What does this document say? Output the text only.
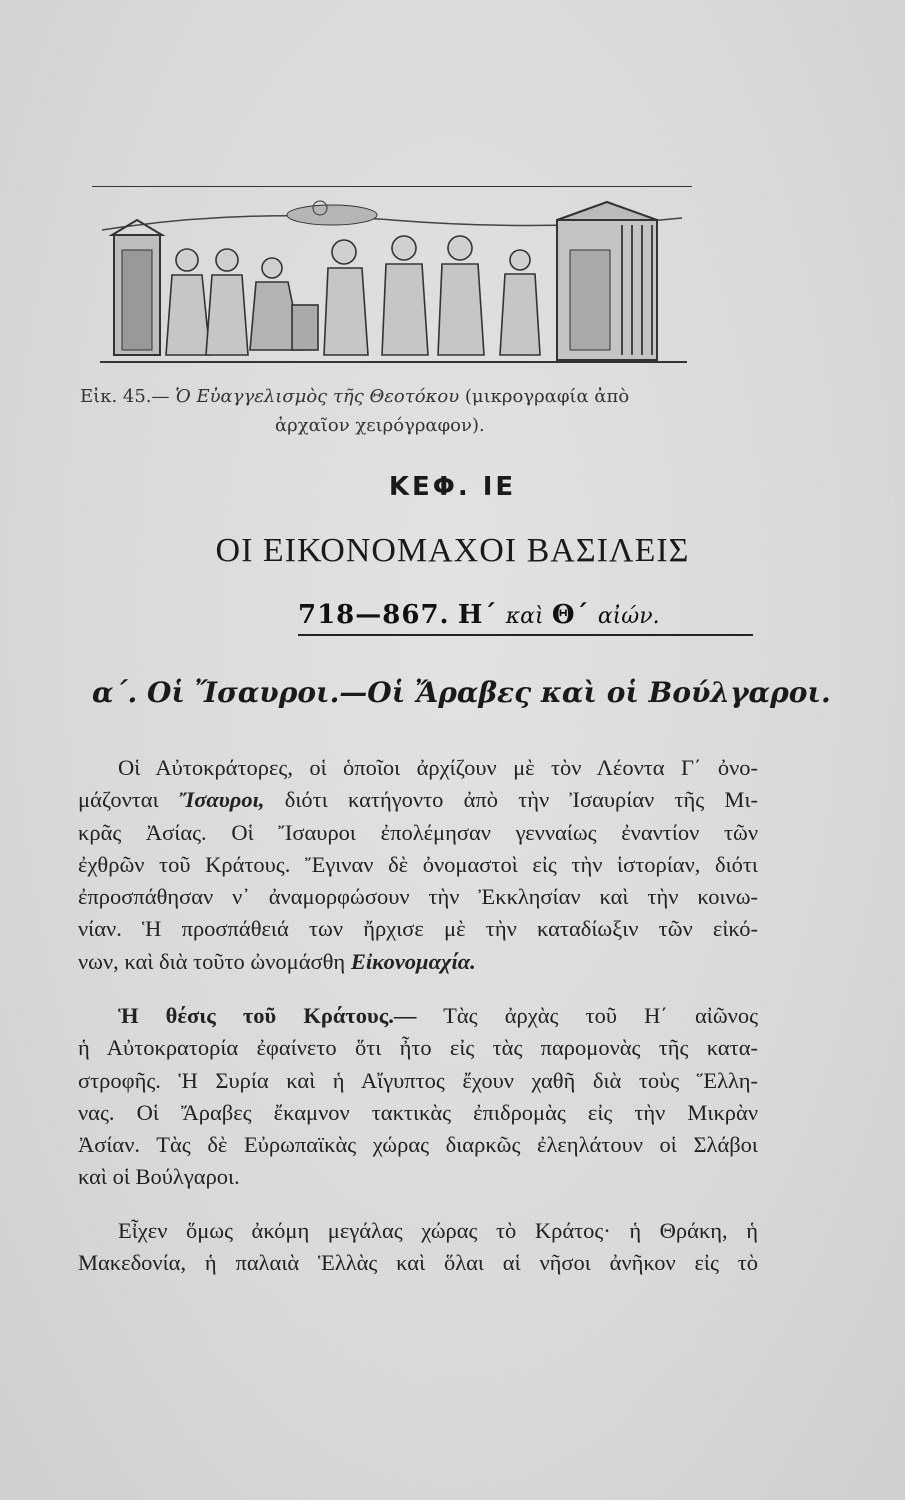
Εἰκ. 45.— Ὁ Εὐαγγελισμὸς τῆς Θεοτόκου (μικρογραφία ἀπὸ
ἀρχαῖον χειρόγραφον).
ΚΕΦ. ΙΕ
ΟΙ ΕΙΚΟΝΟΜΑΧΟΙ ΒΑΣΙΛΕΙΣ
718—867. Η΄ καὶ Θ΄ αἰών.
α΄. Οἱ Ἴσαυροι.—Οἱ Ἄραβες καὶ οἱ Βούλγαροι.
Οἱ Αὐτοκράτορες, οἱ ὁποῖοι ἀρχίζουν μὲ τὸν Λέοντα Γ΄ ὀνο-
μάζονται Ἴσαυροι, διότι κατήγοντο ἀπὸ τὴν Ἰσαυρίαν τῆς Μι-
κρᾶς Ἀσίας. Οἱ Ἴσαυροι ἐπολέμησαν γενναίως ἐναντίον τῶν
ἐχθρῶν τοῦ Κράτους. Ἔγιναν δὲ ὀνομαστοὶ εἰς τὴν ἱστορίαν, διότι
ἐπροσπάθησαν ν᾿ ἀναμορφώσουν τὴν Ἐκκλησίαν καὶ τὴν κοινω-
νίαν. Ἡ προσπάθειά των ἤρχισε μὲ τὴν καταδίωξιν τῶν εἰκό-
νων, καὶ διὰ τοῦτο ὠνομάσθη Εἰκονομαχία.
Ἡ θέσις τοῦ Κράτους.— Τὰς ἀρχὰς τοῦ Η΄ αἰῶνος
ἡ Αὐτοκρατορία ἐφαίνετο ὅτι ἦτο εἰς τὰς παρομονὰς τῆς κατα-
στροφῆς. Ἡ Συρία καὶ ἡ Αἴγυπτος ἔχουν χαθῆ διὰ τοὺς Ἕλλη-
νας. Οἱ Ἄραβες ἔκαμνον τακτικὰς ἐπιδρομὰς εἰς τὴν Μικρὰν
Ἀσίαν. Τὰς δὲ Εὐρωπαϊκὰς χώρας διαρκῶς ἐλεηλάτουν οἱ Σλάβοι
καὶ οἱ Βούλγαροι.
Εἶχεν ὅμως ἀκόμη μεγάλας χώρας τὸ Κράτος· ἡ Θράκη, ἡ
Μακεδονία, ἡ παλαιὰ Ἑλλὰς καὶ ὅλαι αἱ νῆσοι ἀνῆκον εἰς τὸ
